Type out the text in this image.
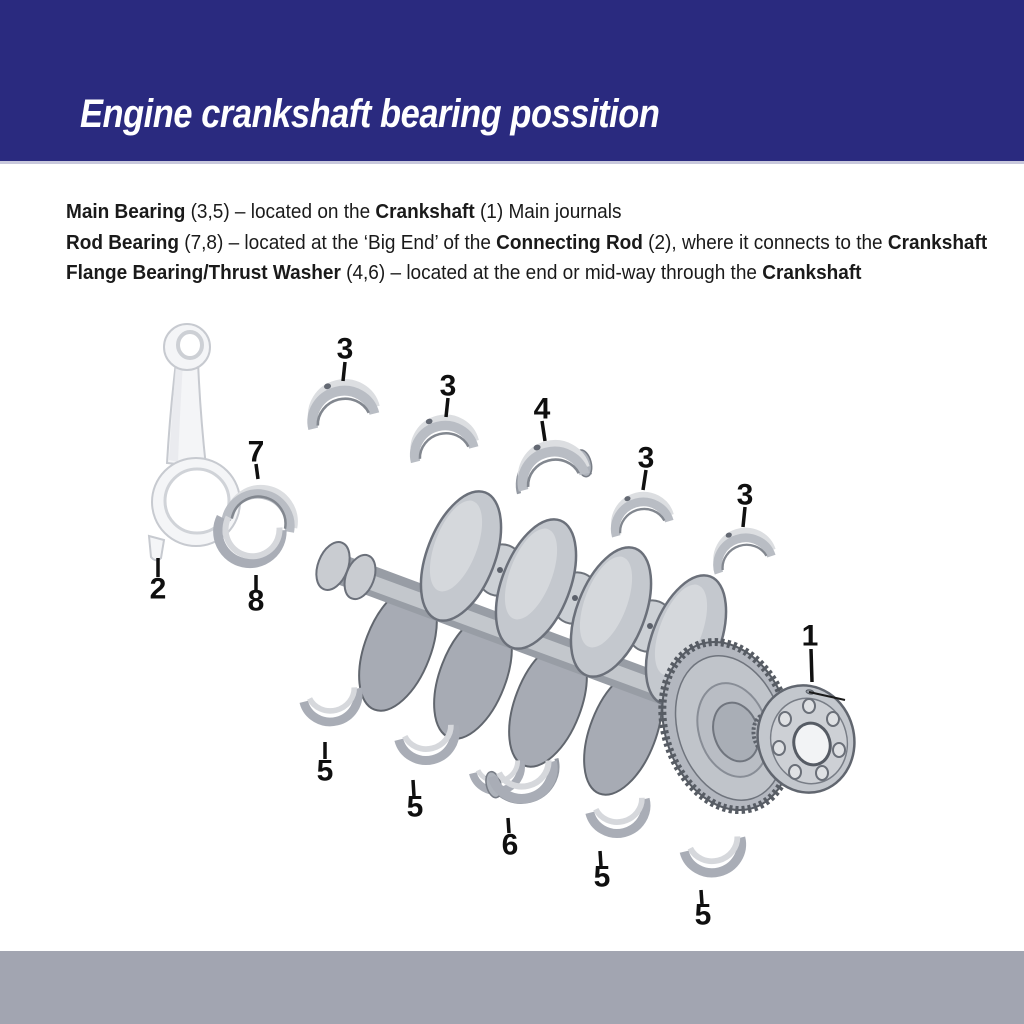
Engine crankshaft bearing possition

Main Bearing (3,5) – located on the Crankshaft (1) Main journals

Rod Bearing (7,8) – located at the ‘Big End’ of the Connecting Rod (2), where it connects to the Crankshaft

Flange Bearing/Thrust Washer (4,6) – located at the end or mid-way through the Crankshaft

1
2
3
3
4
3
3
5
5
6
5
5
7
8
